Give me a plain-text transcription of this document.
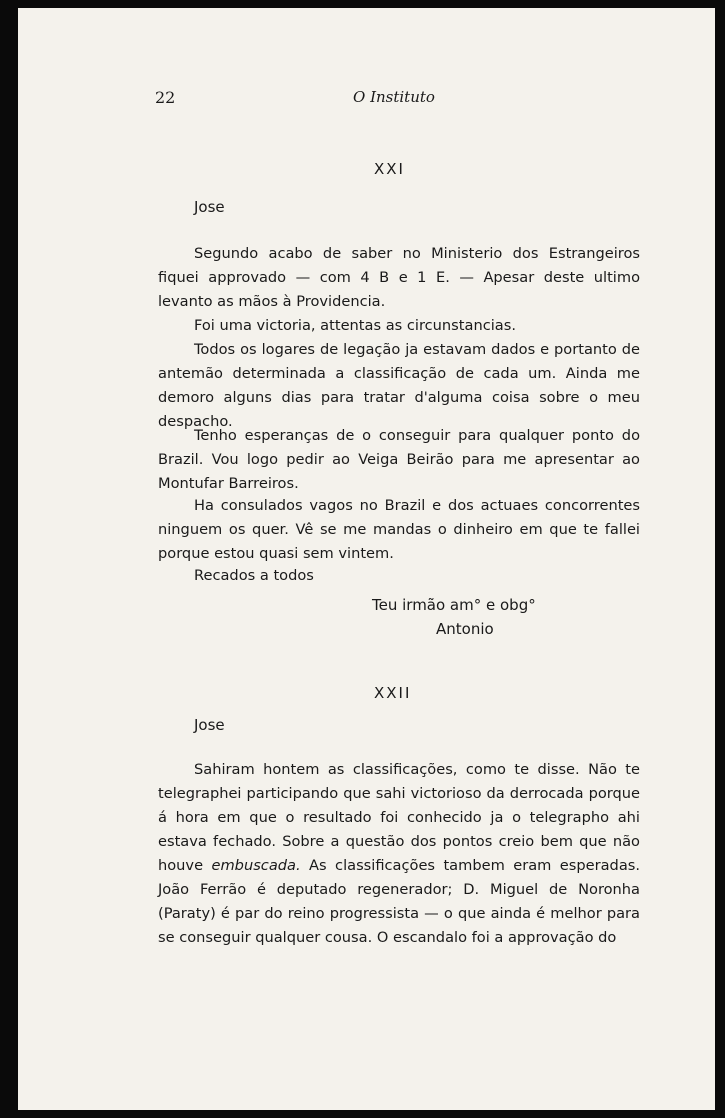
22	O Instituto
XXI
Jose

Segundo acabo de saber no Ministerio dos Estrangeiros fiquei approvado — com 4 B e 1 E. — Apesar deste ultimo levanto as mãos à Providencia.

Foi uma victoria, attentas as circunstancias.

Todos os logares de legação ja estavam dados e portanto de antemão determinada a classificação de cada um. Ainda me demoro alguns dias para tratar d'alguma coisa sobre o meu despacho.

Tenho esperanças de o conseguir para qualquer ponto do Brazil. Vou logo pedir ao Veiga Beirão para me apresentar ao Montufar Barreiros.

Ha consulados vagos no Brazil e dos actuaes concorrentes ninguem os quer. Vê se me mandas o dinheiro em que te fallei porque estou quasi sem vintem.

Recados a todos

Teu irmão am° e obg°
Antonio
XXII
Jose

Sahiram hontem as classificações, como te disse. Não te telegraphei participando que sahi victorioso da derrocada porque á hora em que o resultado foi conhecido ja o telegrapho ahi estava fechado. Sobre a questão dos pontos creio bem que não houve embuscada. As classificações tambem eram esperadas. João Ferrão é deputado regenerador; D. Miguel de Noronha (Paraty) é par do reino progressista — o que ainda é melhor para se conseguir qualquer cousa. O escandalo foi a approvação do
